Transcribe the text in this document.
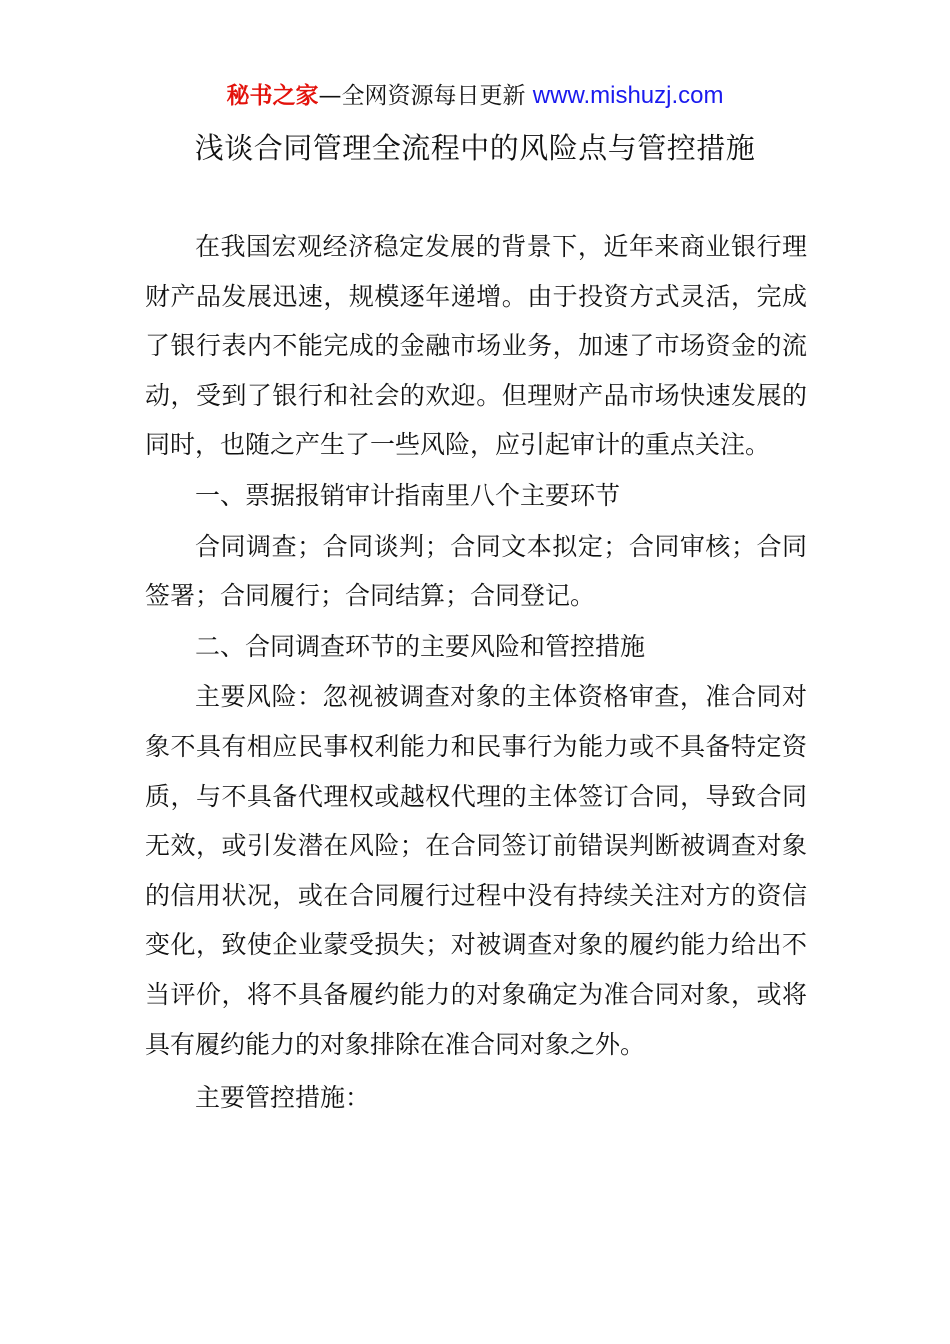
秘书之家—全网资源每日更新 www.mishuzj.com
浅谈合同管理全流程中的风险点与管控措施

在我国宏观经济稳定发展的背景下，近年来商业银行理财产品发展迅速，规模逐年递增。由于投资方式灵活，完成了银行表内不能完成的金融市场业务，加速了市场资金的流动，受到了银行和社会的欢迎。但理财产品市场快速发展的同时，也随之产生了一些风险，应引起审计的重点关注。

一、票据报销审计指南里八个主要环节

合同调查；合同谈判；合同文本拟定；合同审核；合同签署；合同履行；合同结算；合同登记。

二、合同调查环节的主要风险和管控措施

主要风险：忽视被调查对象的主体资格审查，准合同对象不具有相应民事权利能力和民事行为能力或不具备特定资质，与不具备代理权或越权代理的主体签订合同，导致合同无效，或引发潜在风险；在合同签订前错误判断被调查对象的信用状况，或在合同履行过程中没有持续关注对方的资信变化，致使企业蒙受损失；对被调查对象的履约能力给出不当评价，将不具备履约能力的对象确定为准合同对象，或将具有履约能力的对象排除在准合同对象之外。

主要管控措施：
